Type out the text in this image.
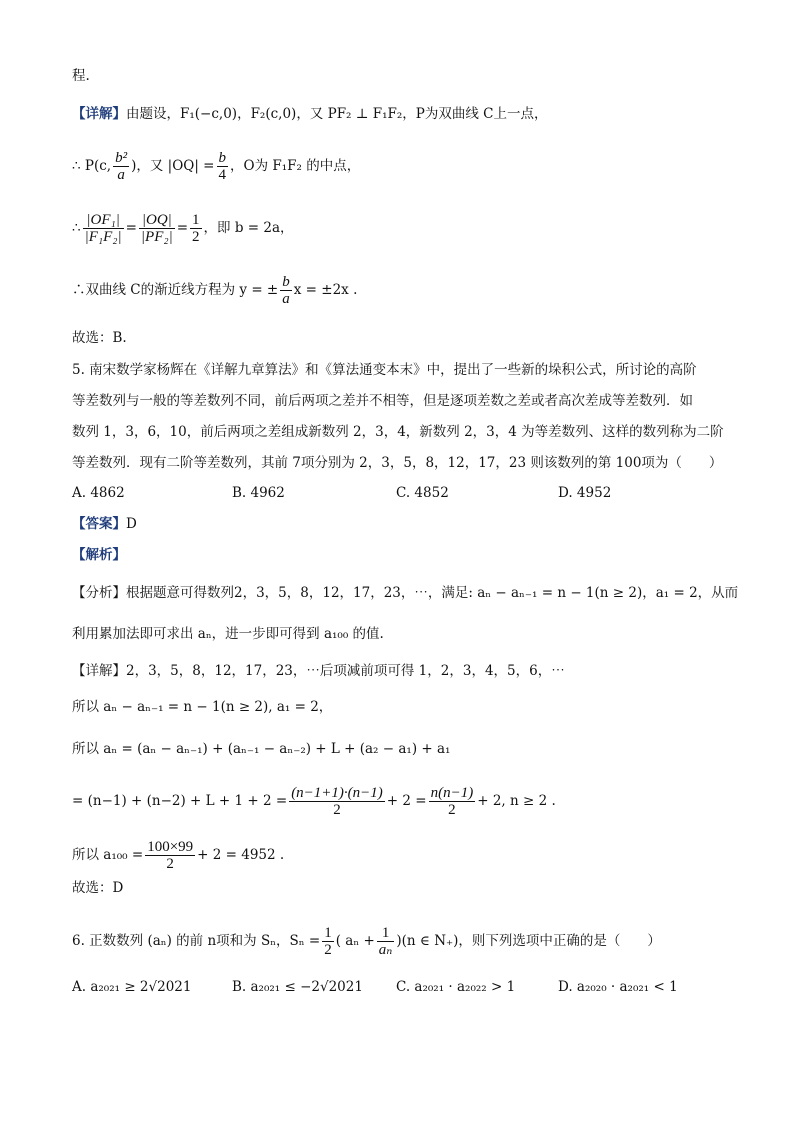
程.
【详解】由题设，F₁(−c,0)，F₂(c,0)，又 PF₂ ⊥ F₁F₂，P为双曲线 C上一点，
∴ P(c, $\frac{\text{b²}}{a}$ )，又 $|OQ| = \frac{b}{4}$ ，O为 F₁F₂ 的中点，
∴ $\frac{\text{|OF₁|}}{\text{|F₁F₂|}} = \frac{|OQ|}{\text{|PF₂|}} = \frac{1}{2}$ ，即 b = 2a，
∴双曲线 C的渐近线方程为 y = ± $\frac{b}{a}$ x = ±2x .
故选：B.
5. 南宋数学家杨辉在《详解九章算法》和《算法通变本末》中，提出了一些新的垛积公式，所讨论的高阶
等差数列与一般的等差数列不同，前后两项之差并不相等，但是逐项差数之差或者高次差成等差数列．如
数列 1，3，6，10，前后两项之差组成新数列 2，3，4，新数列 2，3，4 为等差数列、这样的数列称为二阶
等差数列．现有二阶等差数列，其前 7项分别为 2，3，5，8，12，17，23 则该数列的第 100项为（　　）
A. 4862	B. 4962	C. 4852	D. 4952
【答案】D
【解析】
【分析】根据题意可得数列2，3，5，8，12，17，23，⋯，满足: aₙ − aₙ₋₁ = n − 1(n ≥ 2)，a₁ = 2，从而
利用累加法即可求出 aₙ，进一步即可得到 a₁₀₀ 的值.
【详解】2，3，5，8，12，17，23，⋯后项减前项可得 1，2，3，4，5，6，⋯
所以 aₙ − aₙ₋₁ = n − 1(n ≥ 2), a₁ = 2，
所以 aₙ = (aₙ − aₙ₋₁) + (aₙ₋₁ − aₙ₋₂) + L + (a₂ − a₁) + a₁
= $(n-1) + (n-2) + L + 1 + 2 = \frac{(n-1+1)\cdot(n-1)}{2} + 2 = \frac{n(n-1)}{2} + 2$, n ≥ 2 .
所以 $a_{100} = \frac{100\times 99}{2} + 2 = 4952$ .
故选：D
6. 正数数列 (aₙ) 的前 n项和为 Sₙ，$S_n = \frac{1}{2}$ ( $a_n + \frac{1}{\text{aₙ}} )(n$ ∈ N₊)，则下列选项中正确的是（　　）
A. a₂₀₂₁ ≥ 2√2021	B. a₂₀₂₁ ≤ −2√2021 C. a₂₀₂₁ · a₂₀₂₂ > 1	D. a₂₀₂₀ · a₂₀₂₁ < 1
